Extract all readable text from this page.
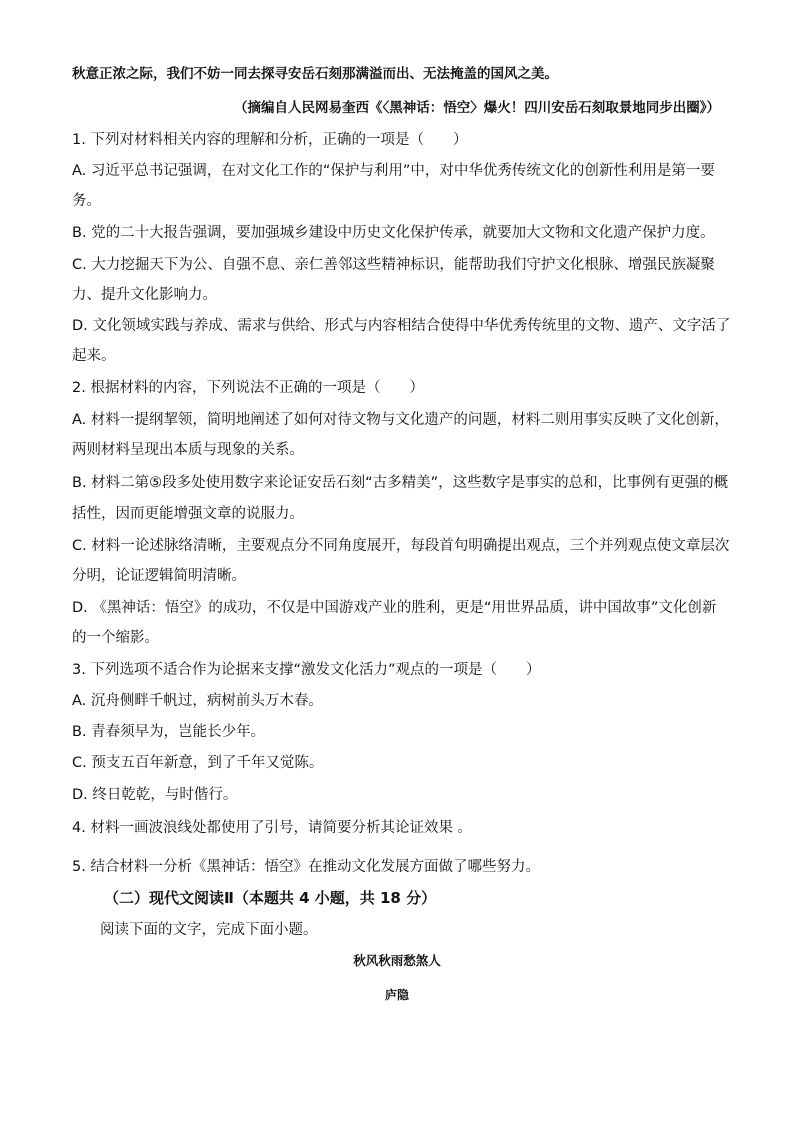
秋意正浓之际，我们不妨一同去探寻安岳石刻那满溢而出、无法掩盖的国风之美。
（摘编自人民网易奎西《〈黑神话：悟空〉爆火！四川安岳石刻取景地同步出圈》）
1. 下列对材料相关内容的理解和分析，正确的一项是（　　）
A. 习近平总书记强调，在对文化工作的“保护与利用”中，对中华优秀传统文化的创新性利用是第一要
务。
B. 党的二十大报告强调，要加强城乡建设中历史文化保护传承，就要加大文物和文化遗产保护力度。
C. 大力挖掘天下为公、自强不息、亲仁善邻这些精神标识，能帮助我们守护文化根脉、增强民族凝聚
力、提升文化影响力。
D. 文化领域实践与养成、需求与供给、形式与内容相结合使得中华优秀传统里的文物、遗产、文字活了
起来。
2. 根据材料的内容，下列说法不正确的一项是（　　）
A. 材料一提纲挈领，简明地阐述了如何对待文物与文化遗产的问题，材料二则用事实反映了文化创新，
两则材料呈现出本质与现象的关系。
B. 材料二第⑤段多处使用数字来论证安岳石刻“古多精美”，这些数字是事实的总和，比事例有更强的概
括性，因而更能增强文章的说服力。
C. 材料一论述脉络清晰，主要观点分不同角度展开，每段首句明确提出观点，三个并列观点使文章层次
分明，论证逻辑简明清晰。
D. 《黑神话：悟空》的成功，不仅是中国游戏产业的胜利，更是“用世界品质，讲中国故事”文化创新
的一个缩影。
3. 下列选项不适合作为论据来支撑“激发文化活力”观点的一项是（　　）
A. 沉舟侧畔千帆过，病树前头万木春。
B. 青春须早为，岂能长少年。
C. 预支五百年新意，到了千年又觉陈。
D. 终日乾乾，与时偕行。
4. 材料一画波浪线处都使用了引号，请简要分析其论证效果 。
5. 结合材料一分析《黑神话：悟空》在推动文化发展方面做了哪些努力。
（二）现代文阅读Ⅱ（本题共 4 小题，共 18 分）
阅读下面的文字，完成下面小题。
秋风秋雨愁煞人
庐隐
